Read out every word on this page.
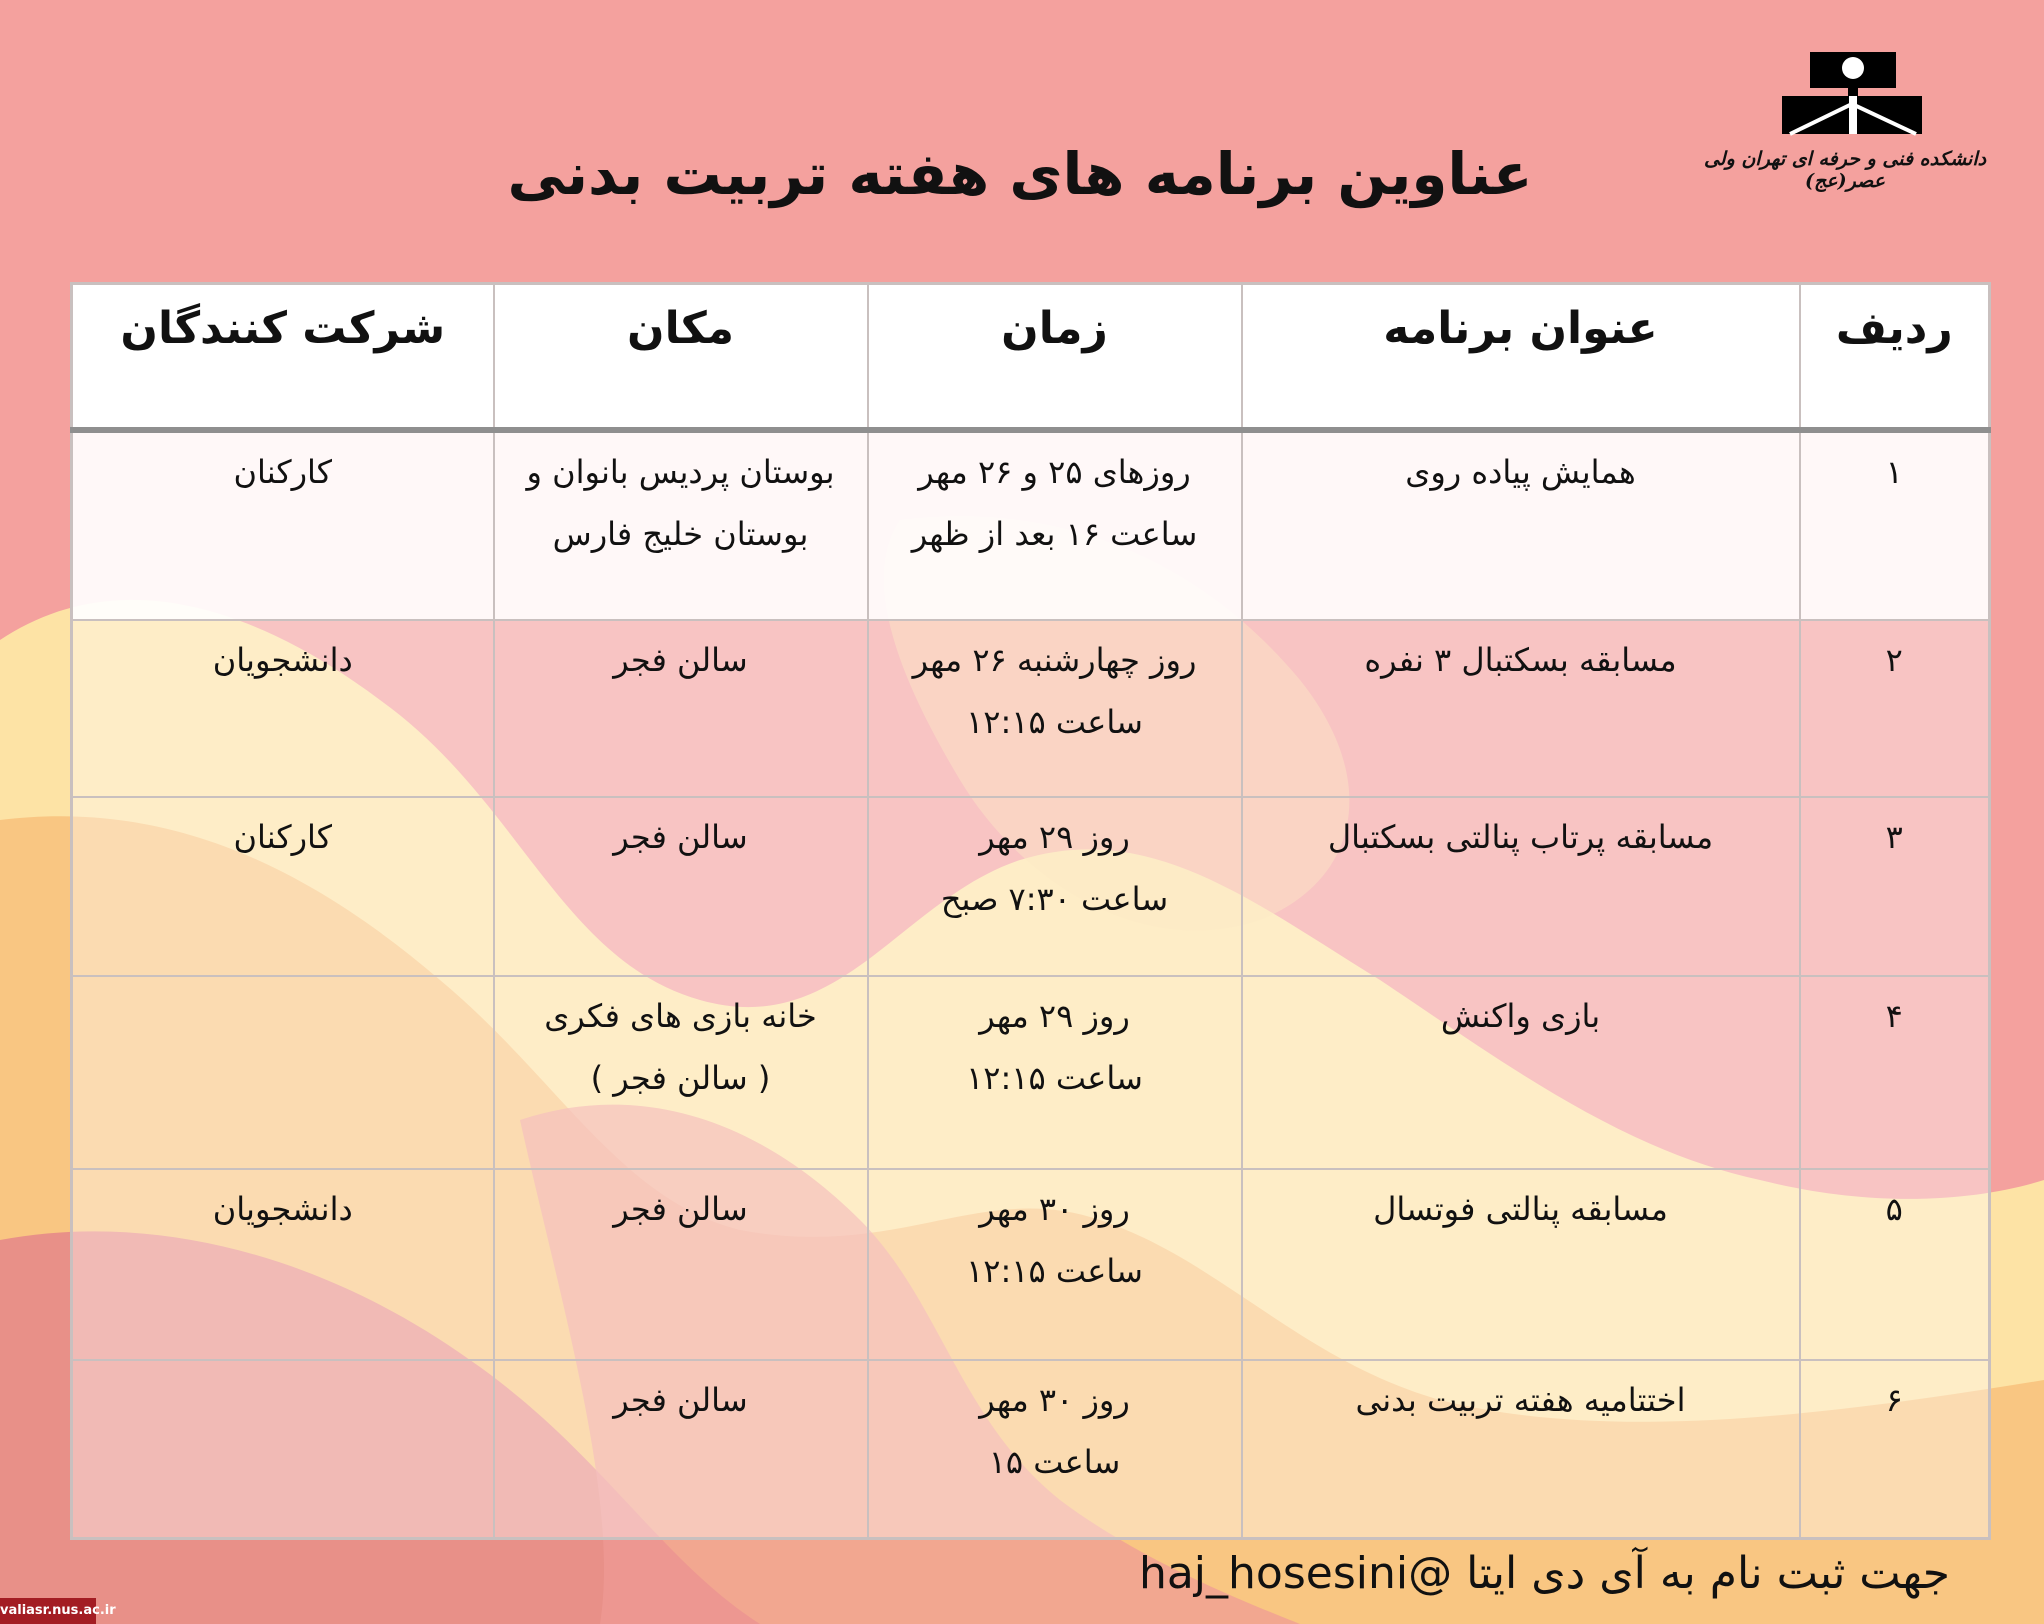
دانشکده فنی و حرفه ای تهران ولی عصر(عج)
عناوین برنامه های هفته تربیت بدنی
ردیف	عنوان برنامه	زمان	مکان	شرکت کنندگان
۱	همایش پیاده روی	روزهای ۲۵ و ۲۶ مهر
ساعت ۱۶ بعد از ظهر	بوستان پردیس بانوان و
بوستان خلیج فارس	کارکنان
۲	مسابقه بسکتبال ۳ نفره	روز چهارشنبه ۲۶ مهر
ساعت ۱۲:۱۵	سالن فجر	دانشجویان
۳	مسابقه پرتاب پنالتی بسکتبال	روز ۲۹ مهر
ساعت ۷:۳۰ صبح	سالن فجر	کارکنان
۴	بازی واکنش	روز ۲۹ مهر
ساعت ۱۲:۱۵	خانه بازی های فکری
( سالن فجر )	

۵	مسابقه پنالتی فوتسال	روز ۳۰ مهر
ساعت ۱۲:۱۵	سالن فجر	دانشجویان
۶	اختتامیه هفته تربیت بدنی	روز ۳۰ مهر
ساعت ۱۵	سالن فجر	

جهت ثبت نام به آی دی ایتا @haj_hosesini
valiasr.nus.ac.ir
